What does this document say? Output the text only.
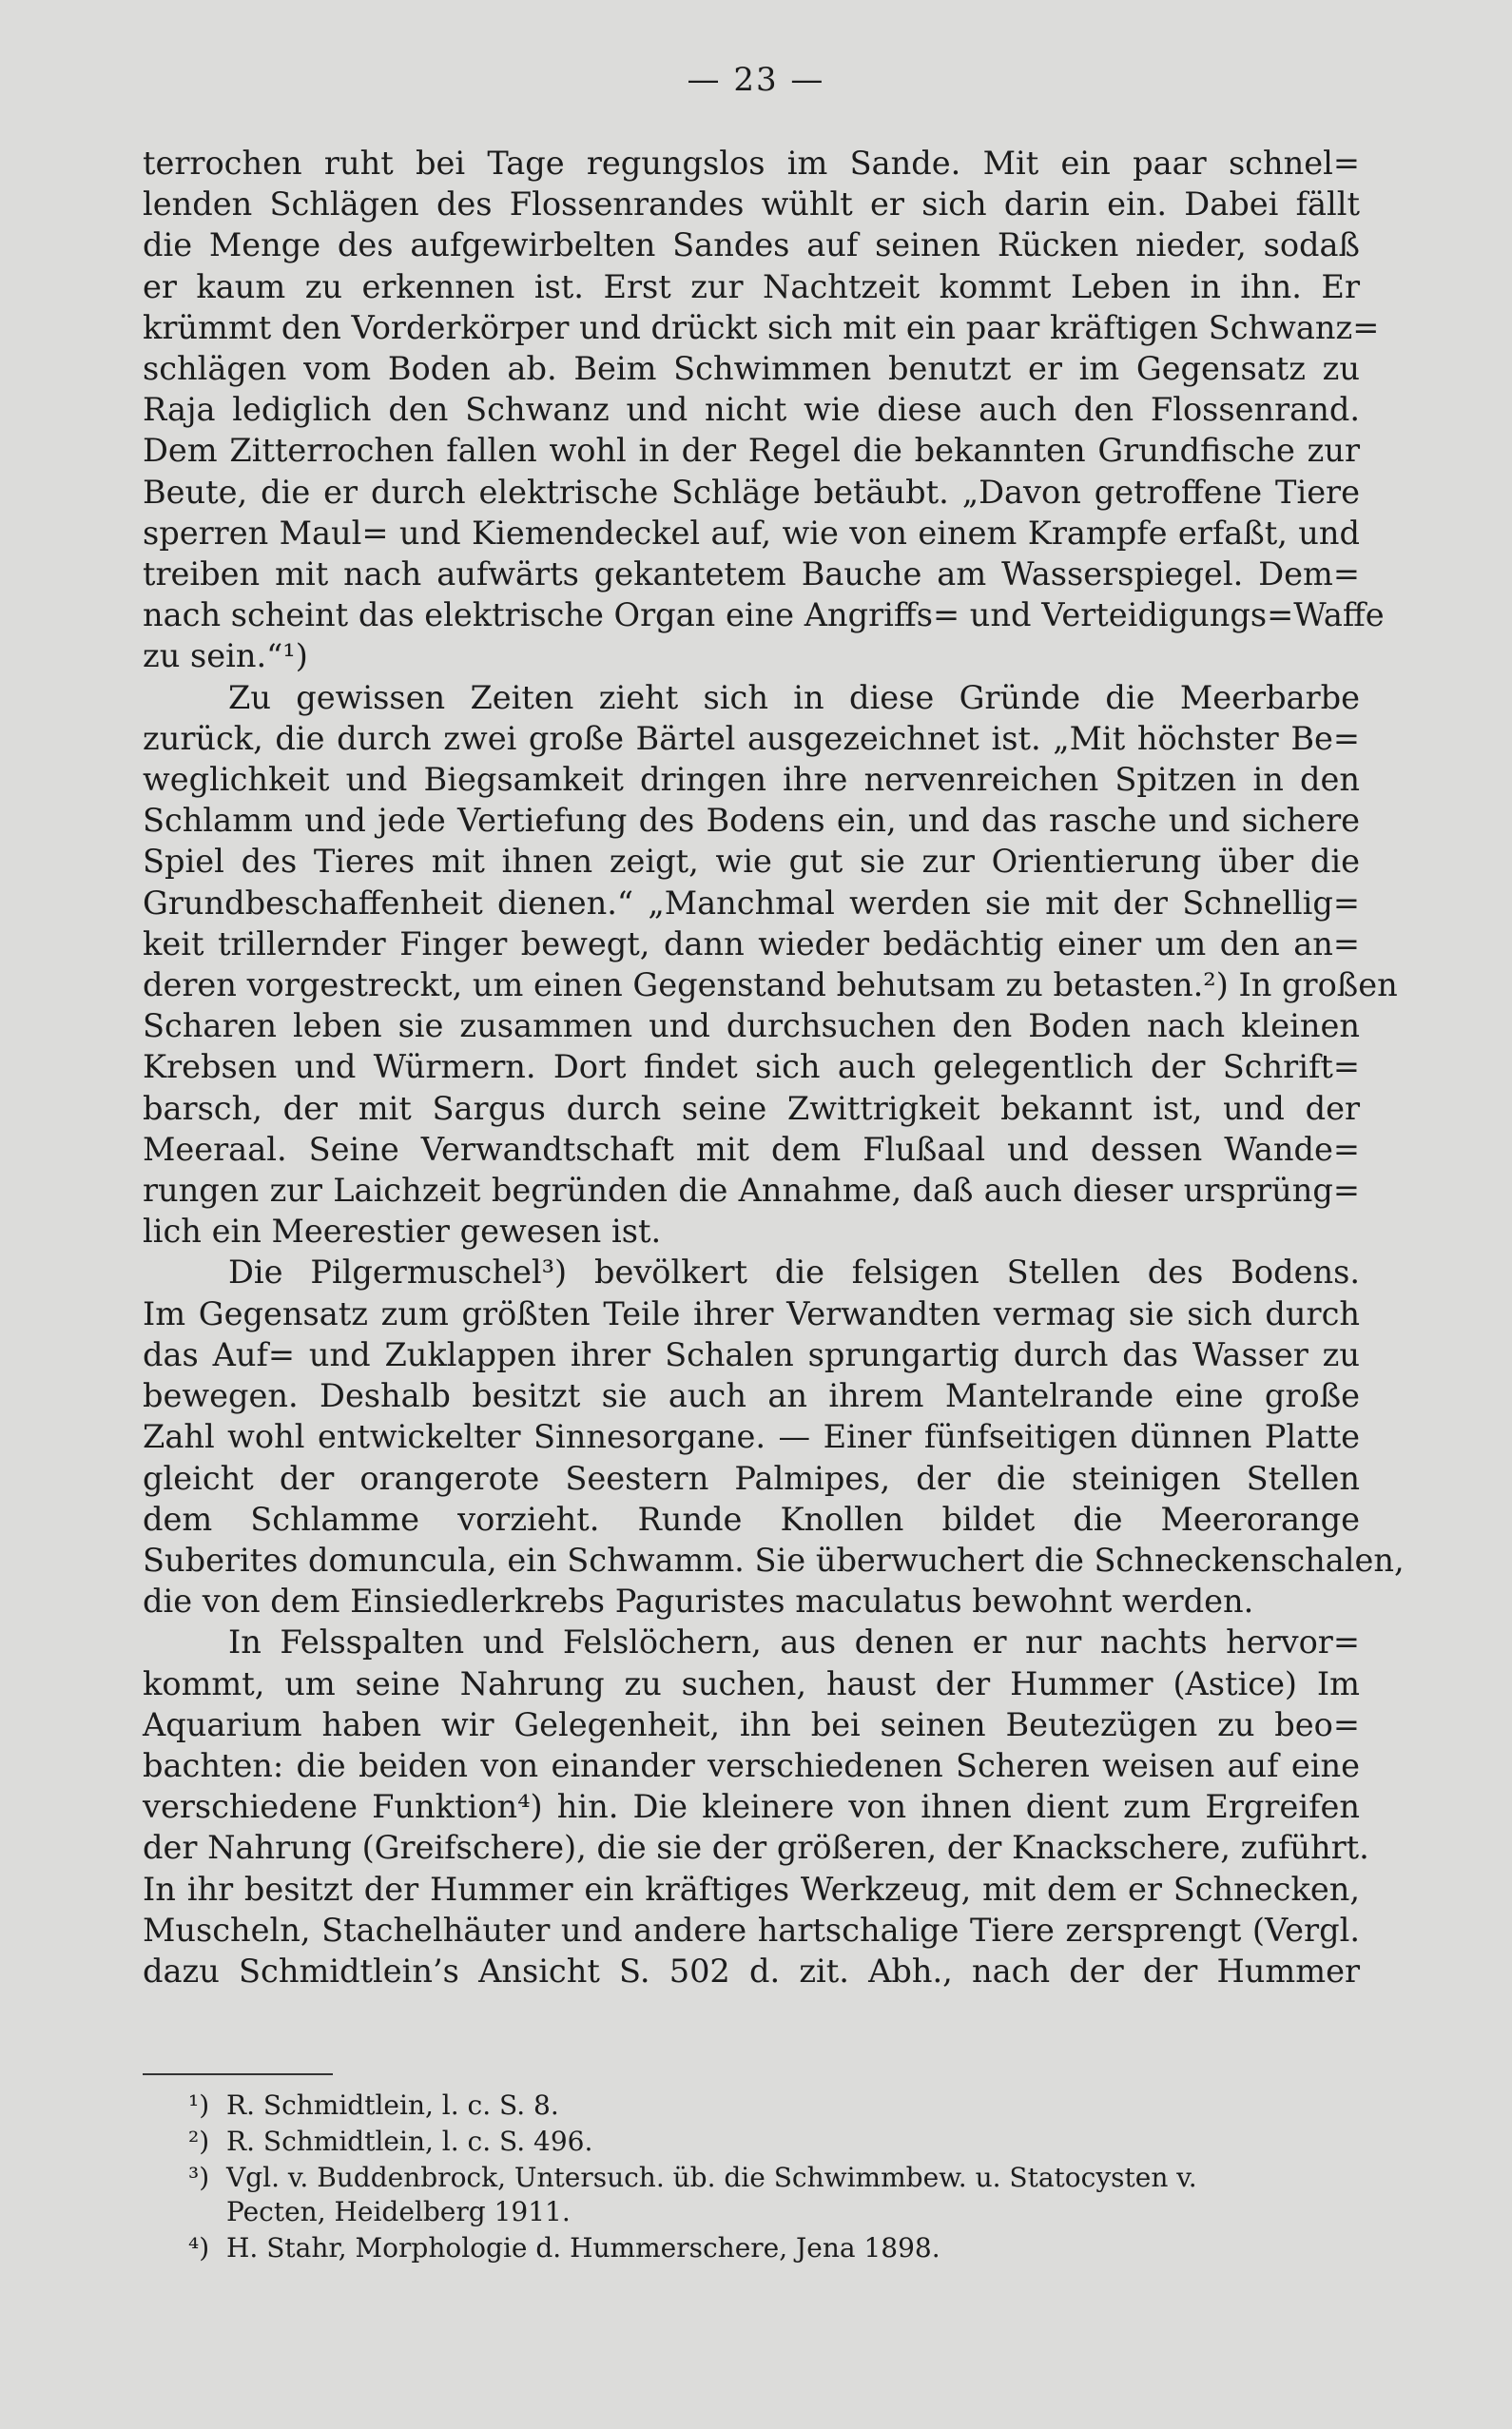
— 23 —
terrochen ruht bei Tage regungslos im Sande. Mit ein paar schnel=
lenden Schlägen des Flossenrandes wühlt er sich darin ein. Dabei fällt
die Menge des aufgewirbelten Sandes auf seinen Rücken nieder, sodaß
er kaum zu erkennen ist. Erst zur Nachtzeit kommt Leben in ihn. Er
krümmt den Vorderkörper und drückt sich mit ein paar kräftigen Schwanz=
schlägen vom Boden ab. Beim Schwimmen benutzt er im Gegensatz zu
Raja lediglich den Schwanz und nicht wie diese auch den Flossenrand.
Dem Zitterrochen fallen wohl in der Regel die bekannten Grundfische zur
Beute, die er durch elektrische Schläge betäubt. „Davon getroffene Tiere
sperren Maul= und Kiemendeckel auf, wie von einem Krampfe erfaßt, und
treiben mit nach aufwärts gekantetem Bauche am Wasserspiegel. Dem=
nach scheint das elektrische Organ eine Angriffs= und Verteidigungs=Waffe
zu sein.“¹)
Zu gewissen Zeiten zieht sich in diese Gründe die Meerbarbe
zurück, die durch zwei große Bärtel ausgezeichnet ist. „Mit höchster Be=
weglichkeit und Biegsamkeit dringen ihre nervenreichen Spitzen in den
Schlamm und jede Vertiefung des Bodens ein, und das rasche und sichere
Spiel des Tieres mit ihnen zeigt, wie gut sie zur Orientierung über die
Grundbeschaffenheit dienen.“ „Manchmal werden sie mit der Schnellig=
keit trillernder Finger bewegt, dann wieder bedächtig einer um den an=
deren vorgestreckt, um einen Gegenstand behutsam zu betasten.²) In großen
Scharen leben sie zusammen und durchsuchen den Boden nach kleinen
Krebsen und Würmern. Dort findet sich auch gelegentlich der Schrift=
barsch, der mit Sargus durch seine Zwittrigkeit bekannt ist, und der
Meeraal. Seine Verwandtschaft mit dem Flußaal und dessen Wande=
rungen zur Laichzeit begründen die Annahme, daß auch dieser ursprüng=
lich ein Meerestier gewesen ist.
Die Pilgermuschel³) bevölkert die felsigen Stellen des Bodens.
Im Gegensatz zum größten Teile ihrer Verwandten vermag sie sich durch
das Auf= und Zuklappen ihrer Schalen sprungartig durch das Wasser zu
bewegen. Deshalb besitzt sie auch an ihrem Mantelrande eine große
Zahl wohl entwickelter Sinnesorgane. — Einer fünfseitigen dünnen Platte
gleicht der orangerote Seestern Palmipes, der die steinigen Stellen
dem Schlamme vorzieht. Runde Knollen bildet die Meerorange
Suberites domuncula, ein Schwamm. Sie überwuchert die Schneckenschalen,
die von dem Einsiedlerkrebs Paguristes maculatus bewohnt werden.
In Felsspalten und Felslöchern, aus denen er nur nachts hervor=
kommt, um seine Nahrung zu suchen, haust der Hummer (Astice) Im
Aquarium haben wir Gelegenheit, ihn bei seinen Beutezügen zu beo=
bachten: die beiden von einander verschiedenen Scheren weisen auf eine
verschiedene Funktion⁴) hin. Die kleinere von ihnen dient zum Ergreifen
der Nahrung (Greifschere), die sie der größeren, der Knackschere, zuführt.
In ihr besitzt der Hummer ein kräftiges Werkzeug, mit dem er Schnecken,
Muscheln, Stachelhäuter und andere hartschalige Tiere zersprengt (Vergl.
dazu Schmidtlein’s Ansicht S. 502 d. zit. Abh., nach der der Hummer
¹) R. Schmidtlein, l. c. S. 8.
²) R. Schmidtlein, l. c. S. 496.
³) Vgl. v. Buddenbrock, Untersuch. üb. die Schwimmbew. u. Statocysten v.
Pecten, Heidelberg 1911.
⁴) H. Stahr, Morphologie d. Hummerschere, Jena 1898.
